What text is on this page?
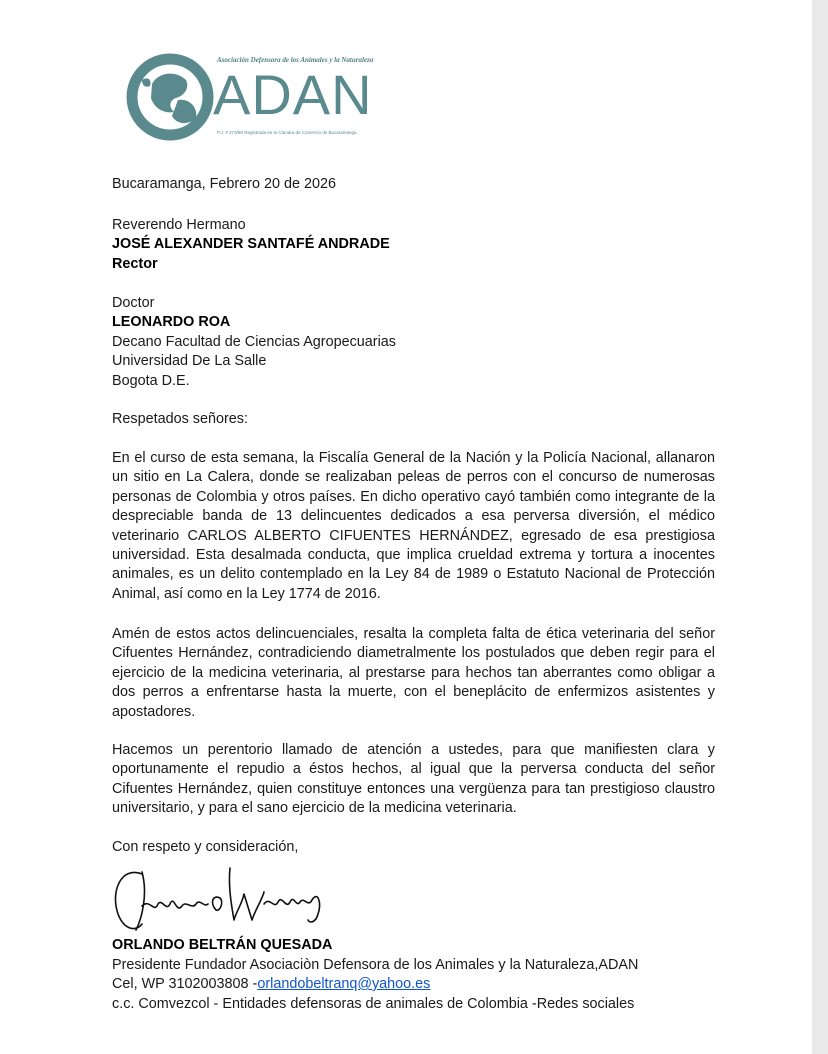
Asociación Defensora de los Animales y la Naturaleza
ADAN
P.J. # 273/88 Registrada en la Cámara de Comercio de Bucaramanga
Bucaramanga, Febrero 20 de 2026
Reverendo Hermano
JOSÉ ALEXANDER SANTAFÉ ANDRADE
Rector
Doctor
LEONARDO ROA
Decano Facultad de Ciencias Agropecuarias
Universidad De La Salle
Bogota D.E.
Respetados señores:
En el curso de esta semana, la Fiscalía General de la Nación y la Policía Nacional, allanaron un sitio en La Calera, donde se realizaban peleas de perros con el concurso de numerosas personas de Colombia y otros países. En dicho operativo cayó también como integrante de la despreciable banda de 13 delincuentes dedicados a esa perversa diversión, el médico veterinario CARLOS ALBERTO CIFUENTES HERNÁNDEZ, egresado de esa prestigiosa universidad. Esta desalmada conducta, que implica crueldad extrema y tortura a inocentes animales, es un delito contemplado en la Ley 84 de 1989 o Estatuto Nacional de Protección Animal, así como en la Ley 1774 de 2016.
Amén de estos actos delincuenciales, resalta la completa falta de ética veterinaria del señor Cifuentes Hernández, contradiciendo diametralmente los postulados que deben regir para el ejercicio de la medicina veterinaria, al prestarse para hechos tan aberrantes como obligar a dos perros a enfrentarse hasta la muerte, con el beneplácito de enfermizos asistentes y apostadores.
Hacemos un perentorio llamado de atención a ustedes, para que manifiesten clara y oportunamente el repudio a éstos hechos, al igual que la perversa conducta del señor Cifuentes Hernández, quien constituye entonces una vergüenza para tan prestigioso claustro universitario, y para el sano ejercicio de la medicina veterinaria.
Con respeto y consideración,
ORLANDO BELTRÁN QUESADA
Presidente Fundador Asociaciòn Defensora de los Animales y la Naturaleza,ADAN
Cel, WP 3102003808 -orlandobeltranq@yahoo.es
c.c. Comvezcol - Entidades defensoras de animales de Colombia -Redes sociales
